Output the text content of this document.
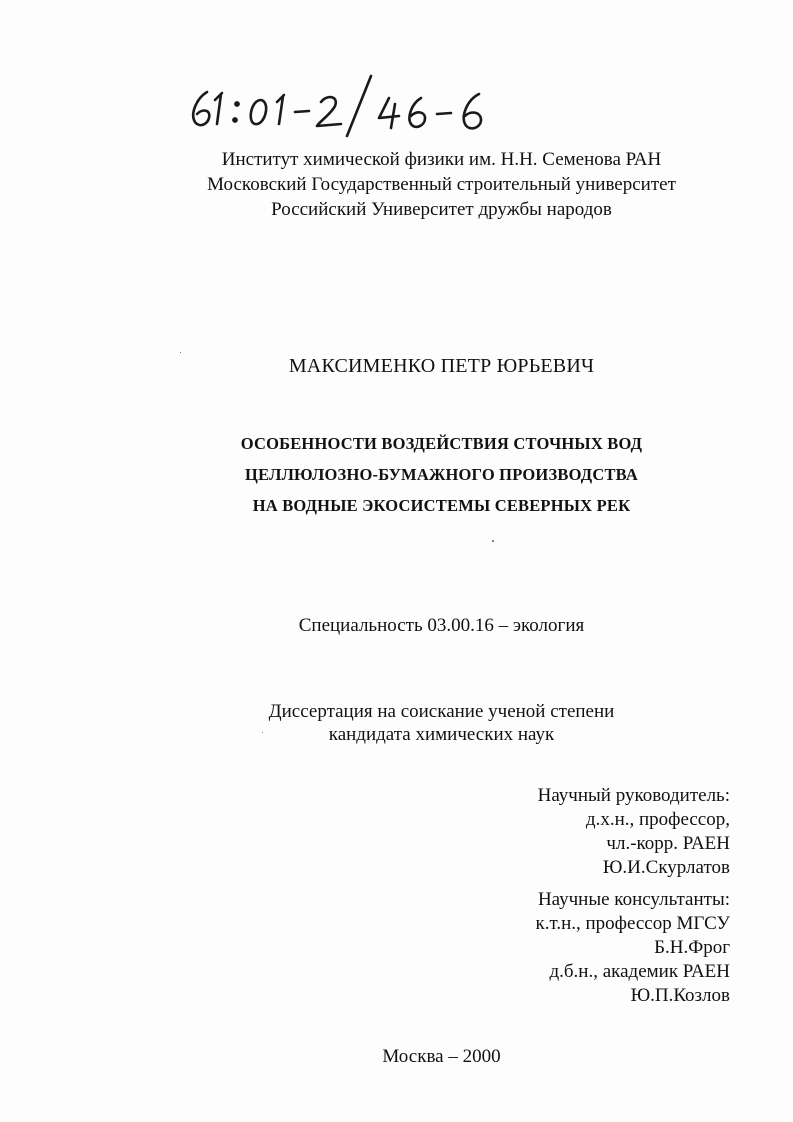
Институт химической физики им. Н.Н. Семенова РАН
Московский Государственный строительный университет
Российский Университет дружбы народов
МАКСИМЕНКО ПЕТР ЮРЬЕВИЧ
ОСОБЕННОСТИ ВОЗДЕЙСТВИЯ СТОЧНЫХ ВОД
ЦЕЛЛЮЛОЗНО-БУМАЖНОГО ПРОИЗВОДСТВА
НА ВОДНЫЕ ЭКОСИСТЕМЫ СЕВЕРНЫХ РЕК
Специальность 03.00.16 – экология
Диссертация на соискание ученой степени
кандидата химических наук
Научный руководитель:
д.х.н., профессор,
чл.-корр. РАЕН
Ю.И.Скурлатов
Научные консультанты:
к.т.н., профессор МГСУ
Б.Н.Фрог
д.б.н., академик РАЕН
Ю.П.Козлов
Москва – 2000
